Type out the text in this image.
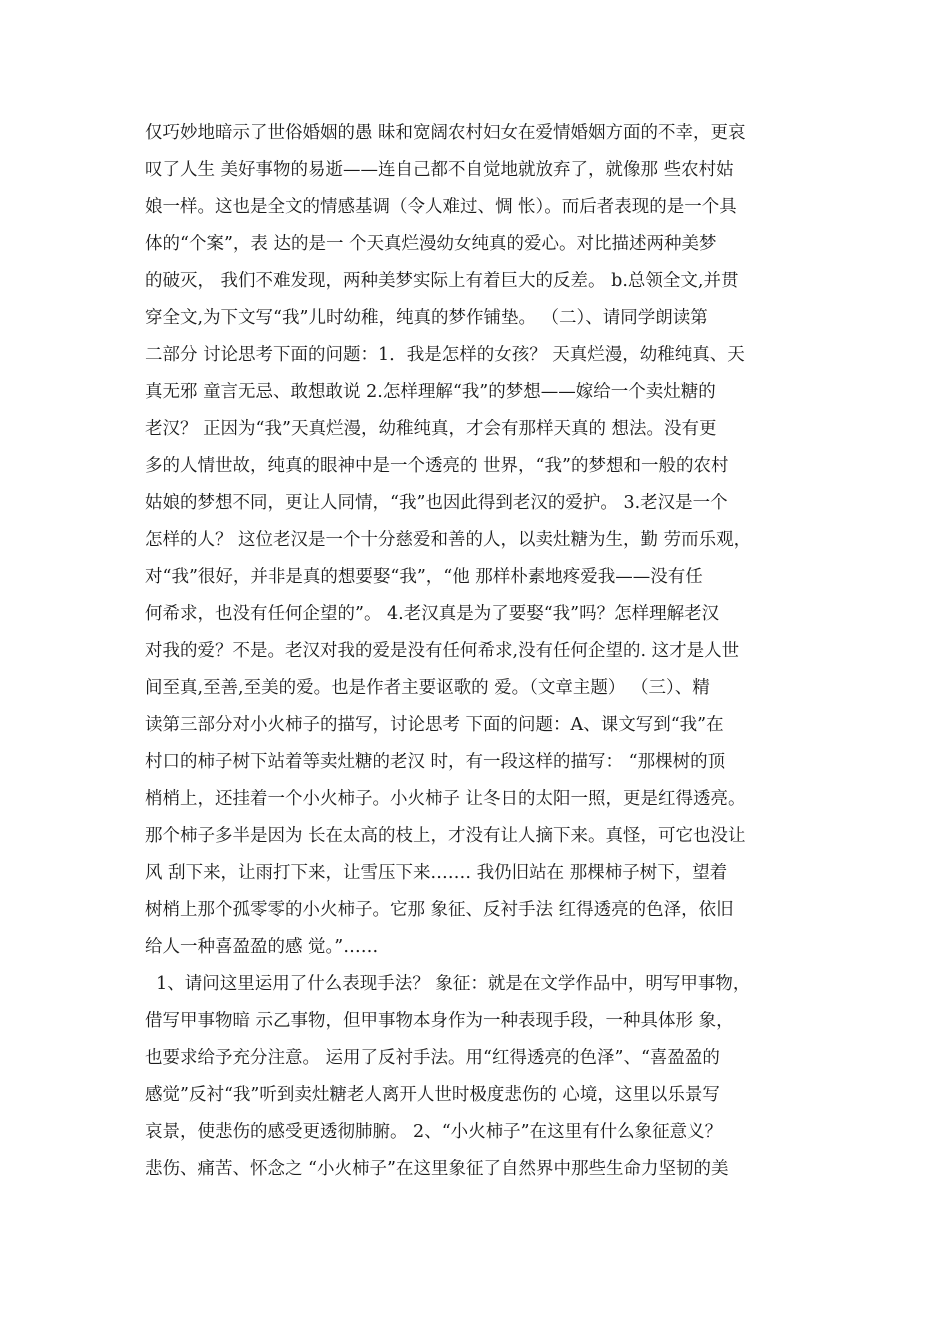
仅巧妙地暗示了世俗婚姻的愚 昧和宽阔农村妇女在爱情婚姻方面的不幸，更哀
叹了人生 美好事物的易逝——连自己都不自觉地就放弃了，就像那 些农村姑
娘一样。这也是全文的情感基调（令人难过、惆 怅）。而后者表现的是一个具
体的“个案”，表 达的是一 个天真烂漫幼女纯真的爱心。对比描述两种美梦
的破灭， 我们不难发现，两种美梦实际上有着巨大的反差。 b.总领全文,并贯
穿全文,为下文写“我”儿时幼稚，纯真的梦作铺垫。 （二）、请同学朗读第
二部分 讨论思考下面的问题：1．我是怎样的女孩？ 天真烂漫，幼稚纯真、天
真无邪 童言无忌、敢想敢说 2.怎样理解“我”的梦想——嫁给一个卖灶糖的
老汉？ 正因为“我”天真烂漫，幼稚纯真，才会有那样天真的 想法。没有更
多的人情世故，纯真的眼神中是一个透亮的 世界，“我”的梦想和一般的农村
姑娘的梦想不同，更让人同情，“我”也因此得到老汉的爱护。 3.老汉是一个
怎样的人？ 这位老汉是一个十分慈爱和善的人，以卖灶糖为生，勤 劳而乐观，
对“我”很好，并非是真的想要娶“我”，“他 那样朴素地疼爱我——没有任
何希求，也没有任何企望的”。 4.老汉真是为了要娶“我”吗？怎样理解老汉
对我的爱？不是。老汉对我的爱是没有任何希求,没有任何企望的. 这才是人世
间至真,至善,至美的爱。也是作者主要讴歌的 爱。（文章主题） （三）、精
读第三部分对小火柿子的描写，讨论思考 下面的问题：A、课文写到“我”在
村口的柿子树下站着等卖灶糖的老汉 时，有一段这样的描写： “那棵树的顶
梢梢上，还挂着一个小火柿子。小火柿子 让冬日的太阳一照，更是红得透亮。
那个柿子多半是因为 长在太高的枝上，才没有让人摘下来。真怪，可它也没让
风 刮下来，让雨打下来，让雪压下来.…… 我仍旧站在 那棵柿子树下，望着
树梢上那个孤零零的小火柿子。它那 象征、反衬手法 红得透亮的色泽，依旧
给人一种喜盈盈的感 觉。”……
1、请问这里运用了什么表现手法？ 象征：就是在文学作品中，明写甲事物，
借写甲事物暗 示乙事物，但甲事物本身作为一种表现手段，一种具体形 象，
也要求给予充分注意。 运用了反衬手法。用“红得透亮的色泽”、“喜盈盈的
感觉”反衬“我”听到卖灶糖老人离开人世时极度悲伤的 心境，这里以乐景写
哀景，使悲伤的感受更透彻肺腑。 2、“小火柿子”在这里有什么象征意义？
悲伤、痛苦、怀念之 “小火柿子”在这里象征了自然界中那些生命力坚韧的美
